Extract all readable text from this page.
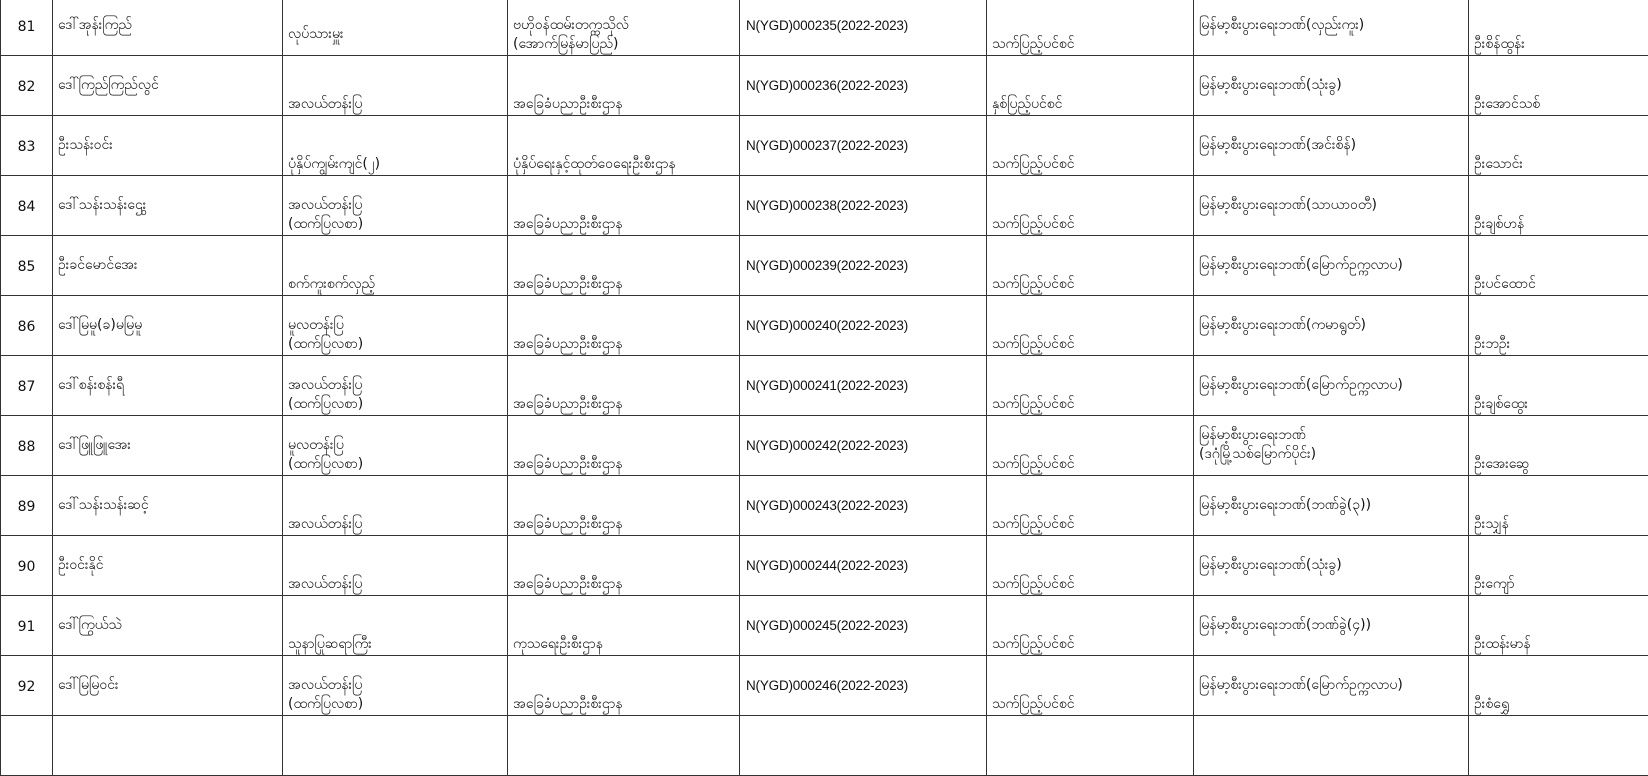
81	ဒေါ်အုန်းကြည်	လုပ်သားမှူး	ဗဟိုဝန်ထမ်းတက္ကသိုလ်
(အောက်မြန်မာပြည်)	N(YGD)000235(2022-2023)	သက်ပြည့်ပင်စင်	မြန်မာ့စီးပွားရေးဘဏ်(လှည်းကူး)	ဦးစိန်ထွန်း

82	ဒေါ်ကြည်ကြည်လွင်	အလယ်တန်းပြ	အခြေခံပညာဦးစီးဌာန	N(YGD)000236(2022-2023)	နှစ်ပြည့်ပင်စင်	မြန်မာ့စီးပွားရေးဘဏ်(သုံးခွ)	ဦးအောင်သစ်

83	ဦးသန်းဝင်း	ပုံနှိပ်ကျွမ်းကျင်(၂)	ပုံနှိပ်ရေးနှင့်ထုတ်ဝေရေးဦးစီးဌာန	N(YGD)000237(2022-2023)	သက်ပြည့်ပင်စင်	မြန်မာ့စီးပွားရေးဘဏ်(အင်းစိန်)	ဦးသောင်း

84	ဒေါ်သန်းသန်းဌွေး	အလယ်တန်းပြ
(ထက်ပြလစာ)	အခြေခံပညာဦးစီးဌာန	N(YGD)000238(2022-2023)	သက်ပြည့်ပင်စင်	မြန်မာ့စီးပွားရေးဘဏ်(သာယာဝတီ)	ဦးချစ်ဟန်

85	ဦးခင်မောင်အေး	စက်ကူးစက်လှည့်	အခြေခံပညာဦးစီးဌာန	N(YGD)000239(2022-2023)	သက်ပြည့်ပင်စင်	မြန်မာ့စီးပွားရေးဘဏ်(မြောက်ဥက္ကလာပ)	ဦးပင်ထောင်

86	ဒေါ်မြမူ(ခ)မမြမူ	မူလတန်းပြ
(ထက်ပြလစာ)	အခြေခံပညာဦးစီးဌာန	N(YGD)000240(2022-2023)	သက်ပြည့်ပင်စင်	မြန်မာ့စီးပွားရေးဘဏ်(ကမာရွတ်)	ဦးဘဦး

87	ဒေါ်စန်းစန်းရီ	အလယ်တန်းပြ
(ထက်ပြလစာ)	အခြေခံပညာဦးစီးဌာန	N(YGD)000241(2022-2023)	သက်ပြည့်ပင်စင်	မြန်မာ့စီးပွားရေးဘဏ်(မြောက်ဥက္ကလာပ)	ဦးချစ်ထွေး

88	ဒေါ်ဖြူဖြူအေး	မူလတန်းပြ
(ထက်ပြလစာ)	အခြေခံပညာဦးစီးဌာန	N(YGD)000242(2022-2023)	သက်ပြည့်ပင်စင်	မြန်မာ့စီးပွားရေးဘဏ်
(ဒဂုံမြို့သစ်မြောက်ပိုင်း)	ဦးအေးဆွေ

89	ဒေါ်သန်းသန်းဆင့်	အလယ်တန်းပြ	အခြေခံပညာဦးစီးဌာန	N(YGD)000243(2022-2023)	သက်ပြည့်ပင်စင်	မြန်မာ့စီးပွားရေးဘဏ်(ဘဏ်ခွဲ(၃))	ဦးသျှန်

90	ဦးဝင်းနိုင်	အလယ်တန်းပြ	အခြေခံပညာဦးစီးဌာန	N(YGD)000244(2022-2023)	သက်ပြည့်ပင်စင်	မြန်မာ့စီးပွားရေးဘဏ်(သုံးခွ)	ဦးကျော်

91	ဒေါ်ကြွယ်သဲ	သူနာပြုဆရာကြီး	ကုသရေးဦးစီးဌာန	N(YGD)000245(2022-2023)	သက်ပြည့်ပင်စင်	မြန်မာ့စီးပွားရေးဘဏ်(ဘဏ်ခွဲ(၄))	ဦးထန်းမာန်

92	ဒေါ်မြမြဝင်း	အလယ်တန်းပြ
(ထက်ပြလစာ)	အခြေခံပညာဦးစီးဌာန	N(YGD)000246(2022-2023)	သက်ပြည့်ပင်စင်	မြန်မာ့စီးပွားရေးဘဏ်(မြောက်ဥက္ကလာပ)	ဦးစံရွှေ
